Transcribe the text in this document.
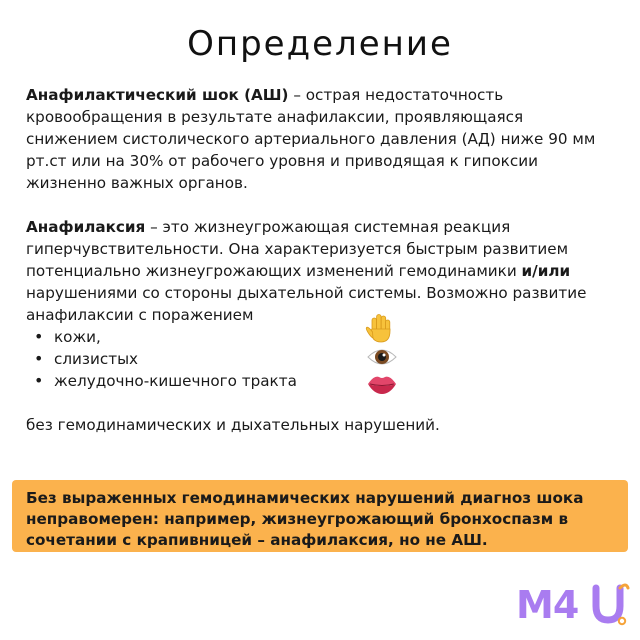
Определение
Анафилактический шок (АШ) – острая недостаточность кровообращения в результате анафилаксии, проявляющаяся снижением систолического артериального давления (АД) ниже 90 мм рт.ст или на 30% от рабочего уровня и приводящая к гипоксии жизненно важных органов.
Анафилаксия – это жизнеугрожающая системная реакция гиперчувствительности. Она характеризуется быстрым развитием потенциально жизнеугрожающих изменений гемодинамики и/или нарушениями со стороны дыхательной системы. Возможно развитие анафилаксии с поражением
• кожи,
• слизистых
• желудочно-кишечного тракта
без гемодинамических и дыхательных нарушений.
Без выраженных гемодинамических нарушений диагноз шока неправомерен: например, жизнеугрожающий бронхоспазм в сочетании с крапивницей – анафилаксия, но не АШ.
M4
